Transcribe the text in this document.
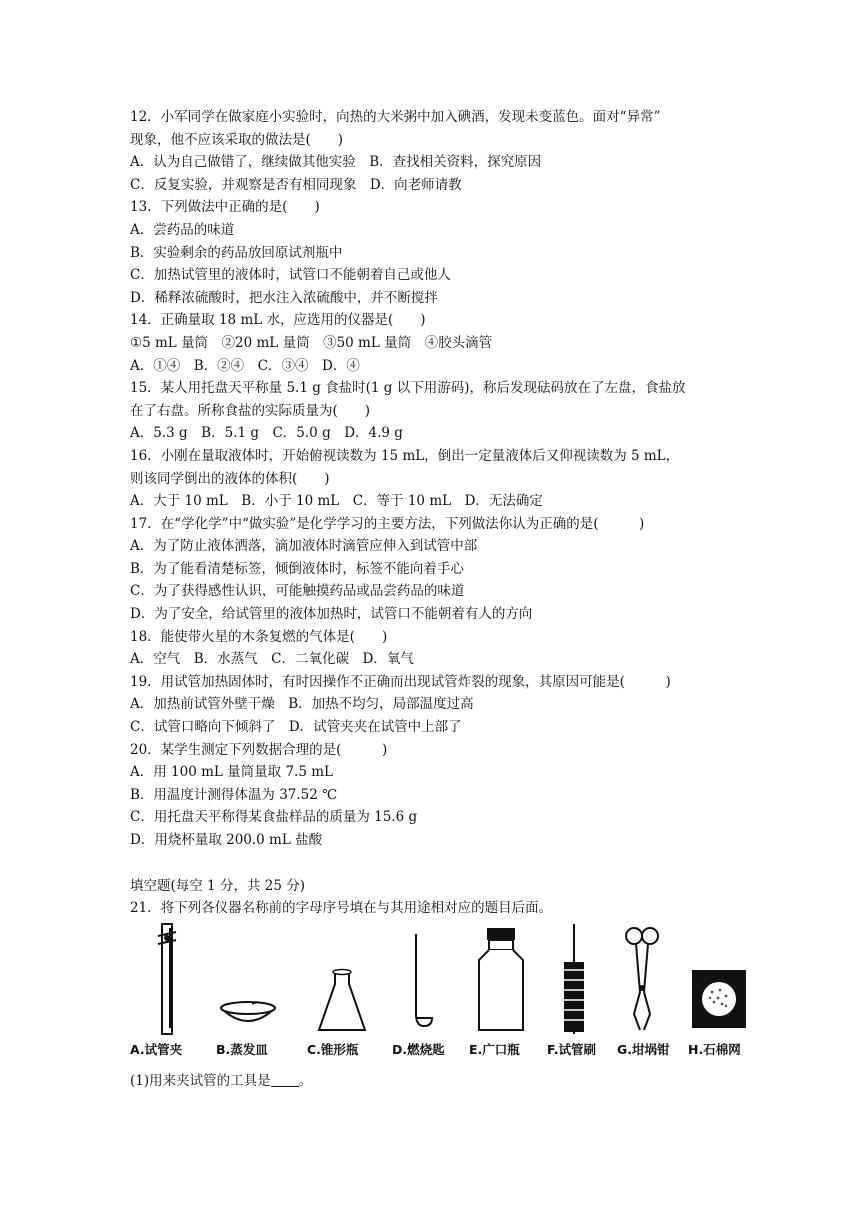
12．小军同学在做家庭小实验时，向热的大米粥中加入碘酒，发现未变蓝色。面对“异常”
现象，他不应该采取的做法是(　　)
A．认为自己做错了，继续做其他实验　B．查找相关资料，探究原因
C．反复实验，并观察是否有相同现象　D．向老师请教
13．下列做法中正确的是(　　)
A．尝药品的味道
B．实验剩余的药品放回原试剂瓶中
C．加热试管里的液体时，试管口不能朝着自己或他人
D．稀释浓硫酸时，把水注入浓硫酸中，并不断搅拌
14．正确量取 18 mL 水，应选用的仪器是(　　)
①5 mL 量筒　②20 mL 量筒　③50 mL 量筒　④胶头滴管
A．①④　B．②④　C．③④　D．④
15．某人用托盘天平称量 5.1 g 食盐时(1 g 以下用游码)，称后发现砝码放在了左盘，食盐放
在了右盘。所称食盐的实际质量为(　　)
A．5.3 g　B．5.1 g　C．5.0 g　D．4.9 g
16．小刚在量取液体时，开始俯视读数为 15 mL，倒出一定量液体后又仰视读数为 5 mL，
则该同学倒出的液体的体积(　　)
A．大于 10 mL　B．小于 10 mL　C．等于 10 mL　D．无法确定
17．在“学化学”中“做实验”是化学学习的主要方法，下列做法你认为正确的是(　　　)
A．为了防止液体洒落，滴加液体时滴管应伸入到试管中部
B．为了能看清楚标签，倾倒液体时，标签不能向着手心
C．为了获得感性认识，可能触摸药品或品尝药品的味道
D．为了安全，给试管里的液体加热时，试管口不能朝着有人的方向
18．能使带火星的木条复燃的气体是(　　)
A．空气　B．水蒸气　C．二氧化碳　D．氧气
19．用试管加热固体时，有时因操作不正确而出现试管炸裂的现象，其原因可能是(　　　)
A．加热前试管外壁干燥　B．加热不均匀，局部温度过高
C．试管口略向下倾斜了　D．试管夹夹在试管中上部了
20．某学生测定下列数据合理的是(　　　)
A．用 100 mL 量筒量取 7.5 mL
B．用温度计测得体温为 37.52 ℃
C．用托盘天平称得某食盐样品的质量为 15.6 g
D．用烧杯量取 200.0 mL 盐酸
填空题(每空 1 分，共 25 分)
21．将下列各仪器名称前的字母序号填在与其用途相对应的题目后面。
A.试管夹	B.蒸发皿	C.锥形瓶	D.燃烧匙 E.广口瓶 F.试管刷 G.坩埚钳 H.石棉网
(1)用来夹试管的工具是 。
